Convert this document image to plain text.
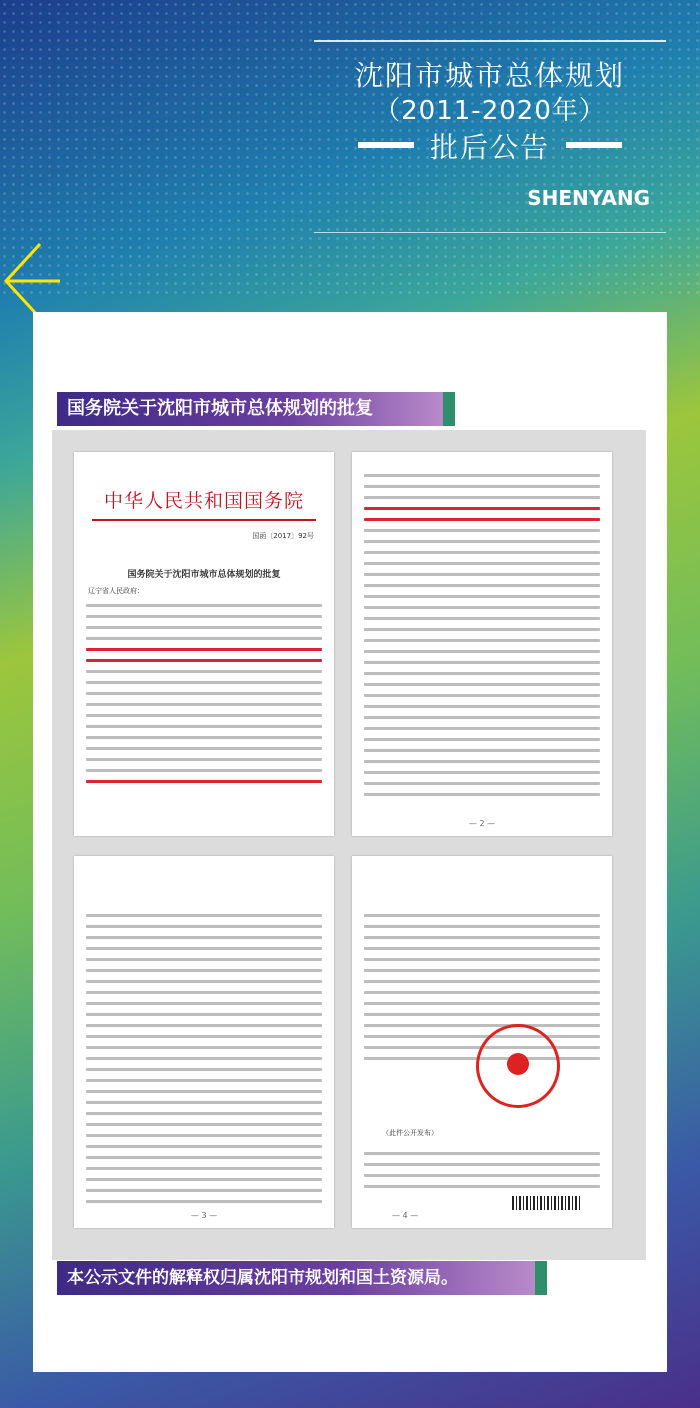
沈阳市城市总体规划
（2011-2020年）
批后公告
SHENYANG
国务院关于沈阳市城市总体规划的批复
中华人民共和国国务院
国函〔2017〕92号
国务院关于沈阳市城市总体规划的批复
辽宁省人民政府：
— 2 —
— 3 —
（此件公开发布）
— 4 —
本公示文件的解释权归属沈阳市规划和国土资源局。
